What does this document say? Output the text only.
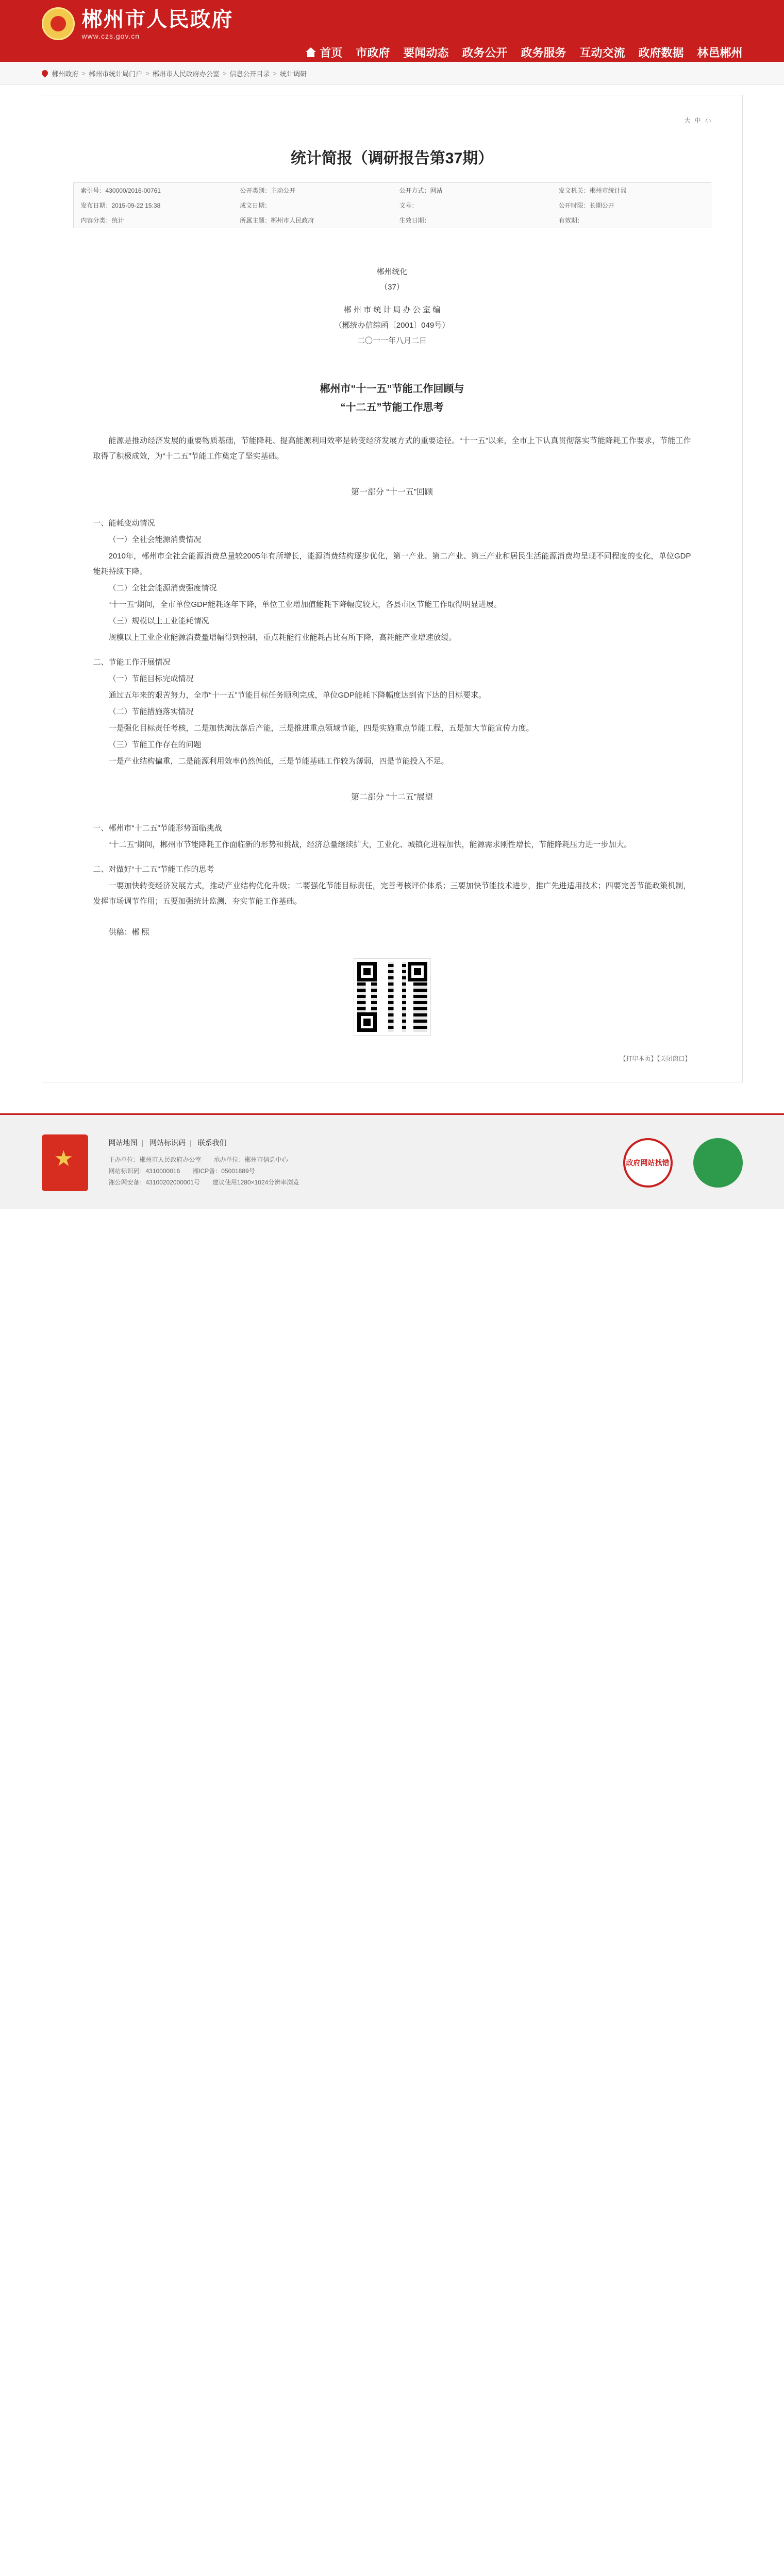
郴州市人民政府
www.czs.gov.cn
首页 市政府 要闻动态 政务公开 政务服务 互动交流 政府数据 林邑郴州
郴州政府 > 郴州市统计局门户 > 郴州市人民政府办公室 > 信息公开目录 > 统计调研
大 中 小
统计简报（调研报告第37期）
索引号：430000/2016-00761	公开类别：主动公开	公开方式：网站	发文机关：郴州市统计局
发布日期：2015-09-22 15:38	成文日期：	文号：	公开时限：长期公开
内容分类：统计	所属主题：郴州市人民政府	生效日期：	有效期：
郴州统化
（37）
郴 州 市 统 计 局 办 公 室 编
（郴统办信综函〔2001〕049号）
二〇一一年八月二日
郴州市“十一五”节能工作回顾与
“十二五”节能工作思考

能源是推动经济发展的重要物质基础，节能降耗、提高能源利用效率是转变经济发展方式的重要途径。“十一五”以来，全市上下认真贯彻落实节能降耗工作要求，节能工作取得了积极成效，为“十二五”节能工作奠定了坚实基础。

第一部分 “十一五”回顾
一、能耗变动情况

（一）全社会能源消费情况

2010年，郴州市全社会能源消费总量较2005年有所增长，能源消费结构逐步优化，第一产业、第二产业、第三产业和居民生活能源消费均呈现不同程度的变化，单位GDP能耗持续下降。

（二）全社会能源消费强度情况

“十一五”期间，全市单位GDP能耗逐年下降，单位工业增加值能耗下降幅度较大，各县市区节能工作取得明显进展。

（三）规模以上工业能耗情况

规模以上工业企业能源消费量增幅得到控制，重点耗能行业能耗占比有所下降，高耗能产业增速放缓。

二、节能工作开展情况

（一）节能目标完成情况

通过五年来的艰苦努力，全市“十一五”节能目标任务顺利完成，单位GDP能耗下降幅度达到省下达的目标要求。

（二）节能措施落实情况

一是强化目标责任考核，二是加快淘汰落后产能，三是推进重点领域节能，四是实施重点节能工程，五是加大节能宣传力度。

（三）节能工作存在的问题

一是产业结构偏重，二是能源利用效率仍然偏低，三是节能基础工作较为薄弱，四是节能投入不足。

第二部分 “十二五”展望
一、郴州市“十二五”节能形势面临挑战

“十二五”期间，郴州市节能降耗工作面临新的形势和挑战，经济总量继续扩大，工业化、城镇化进程加快，能源需求刚性增长，节能降耗压力进一步加大。

二、对做好“十二五”节能工作的思考

一要加快转变经济发展方式，推动产业结构优化升级；二要强化节能目标责任，完善考核评价体系；三要加快节能技术进步，推广先进适用技术；四要完善节能政策机制，发挥市场调节作用；五要加强统计监测，夯实节能工作基础。

供稿：郴 熙

【打印本页】【关闭窗口】
★
网站地图 | 网站标识码 | 联系我们
主办单位：郴州市人民政府办公室　　承办单位：郴州市信息中心
网站标识码：4310000016　　湘ICP备：05001889号
湘公网安备：43100202000001号　　建议使用1280×1024分辨率浏览
政府网站找错
